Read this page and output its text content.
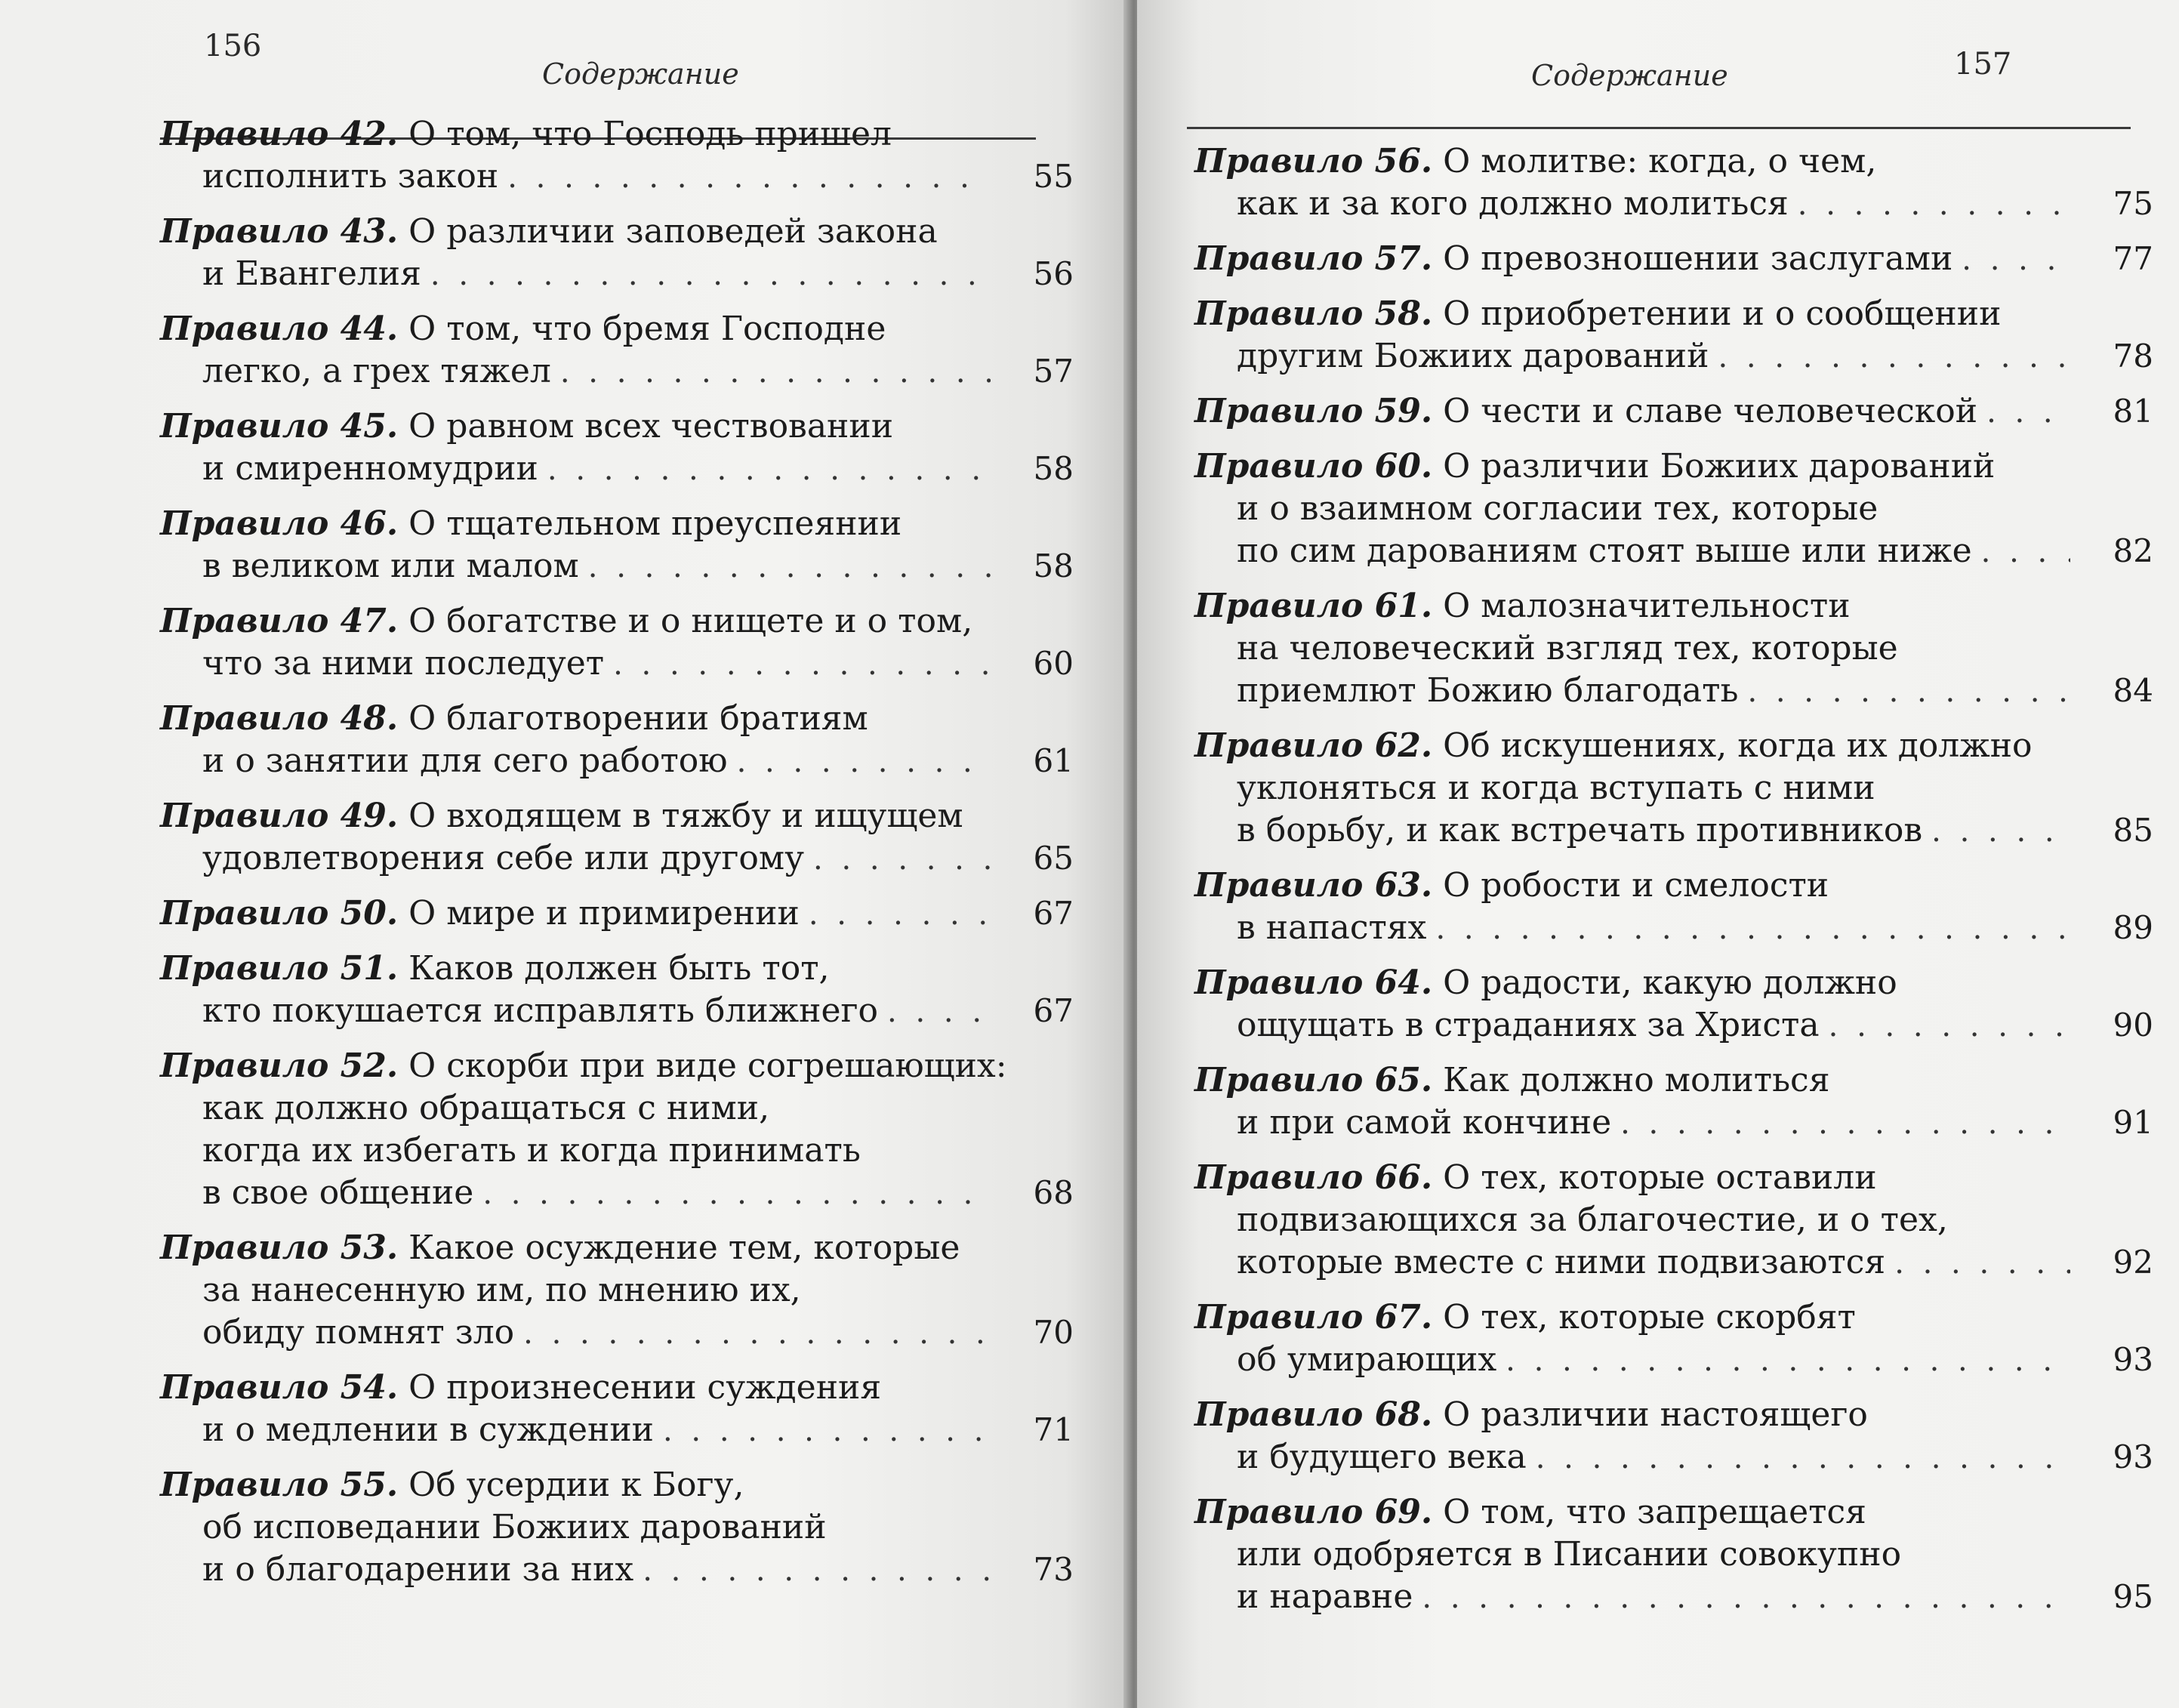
156
Содержание
Правило 42. О том, что Господь пришел
исполнить закон . . .	55
Правило 43. О различии заповедей закона
и Евангелия . . .	56
Правило 44. О том, что бремя Господне
легко, а грех тяжел . . .	57
Правило 45. О равном всех чествовании
и смиренномудрии . . .	58
Правило 46. О тщательном преуспеянии
в великом или малом . . .	58
Правило 47. О богатстве и о нищете и о том,
что за ними последует . . .	60
Правило 48. О благотворении братиям
и о занятии для сего работою . . .	61
Правило 49. О входящем в тяжбу и ищущем
удовлетворения себе или другому . . .	65
Правило 50.
О мире и примирении . . .	67
Правило 51. Каков должен быть тот,
кто покушается исправлять ближнего . . .	67
Правило 52. О скорби при виде согрешающих:
как должно обращаться с ними,
когда их избегать и когда принимать
в свое общение . . .	68
Правило 53. Какое осуждение тем, которые
за нанесенную им, по мнению их,
обиду помнят зло . . .	70
Правило 54. О произнесении суждения
и о медлении в суждении . . .	71
Правило 55. Об усердии к Богу,
об исповедании Божиих дарований
и о благодарении за них . . .	73
Содержание	157
Правило 56. О молитве: когда, о чем,
как и за кого должно молиться . . .	75
Правило 57.
О превозношении заслугами . . .	77
Правило 58. О приобретении и о сообщении
другим Божиих дарований . . .	78
Правило 59.
О чести и славе человеческой . . .	81
Правило 60. О различии Божиих дарований
и о взаимном согласии тех, которые
по сим дарованиям стоят выше или ниже . . .	82
Правило 61. О малозначительности
на человеческий взгляд тех, которые
приемлют Божию благодать . . .	84
Правило 62. Об искушениях, когда их должно
уклоняться и когда вступать с ними
в борьбу, и как встречать противников . . .	85
Правило 63. О робости и смелости
в напастях . . .	89
Правило 64. О радости, какую должно
ощущать в страданиях за Христа . . .	90
Правило 65. Как должно молиться
и при самой кончине . . .	91
Правило 66. О тех, которые оставили
подвизающихся за благочестие, и о тех,
которые вместе с ними подвизаются . . .	92
Правило 67. О тех, которые скорбят
об умирающих . . .	93
Правило 68. О различии настоящего
и будущего века . . .	93
Правило 69. О том, что запрещается
или одобряется в Писании совокупно
и наравне . . .	95
